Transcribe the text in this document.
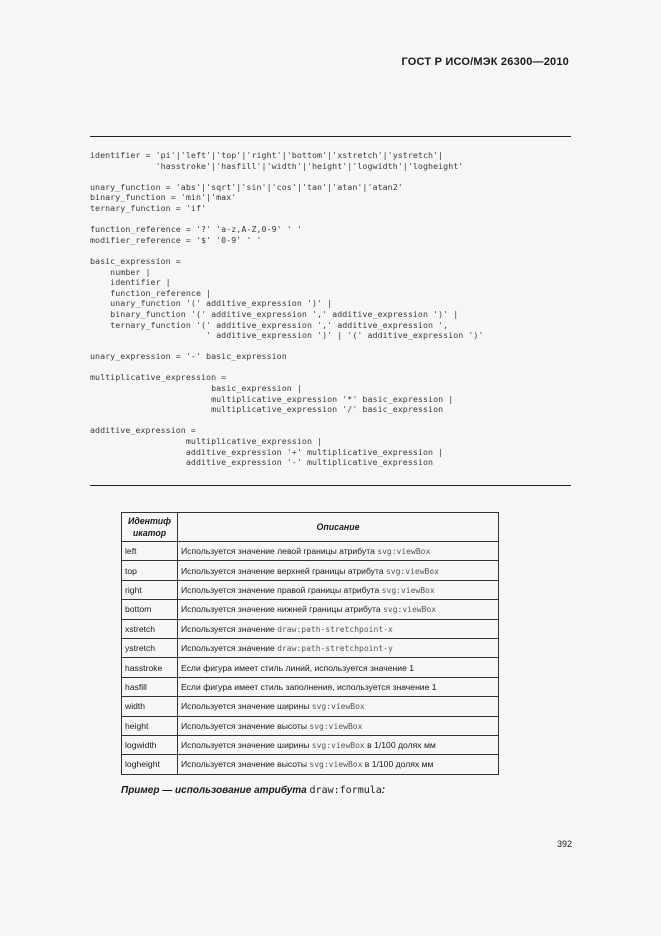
ГОСТ Р ИСО/МЭК 26300—2010
identifier = 'pi'|'left'|'top'|'right'|'bottom'|'xstretch'|'ystretch'|
'hasstroke'|'hasfill'|'width'|'height'|'logwidth'|'logheight'
unary_function = 'abs'|'sqrt'|'sin'|'cos'|'tan'|'atan'|'atan2'
binary_function = 'min'|'max'
ternary_function = 'if'
function_reference = '?' 'a-z,A-Z,0-9' ' '
modifier_reference = '$' '0-9' ' '
basic_expression =
number |
identifier |
function_reference |
unary_function '(' additive_expression ')' |
binary_function '(' additive_expression ',' additive_expression ')' |
ternary_function '(' additive_expression ',' additive_expression ',
' additive_expression ')' | '(' additive_expression ')'
unary_expression = '-' basic_expression
multiplicative_expression =
basic_expression |
multiplicative_expression '*' basic_expression |
multiplicative_expression '/' basic_expression
additive_expression =
multiplicative_expression |
additive_expression '+' multiplicative_expression |
additive_expression '-' multiplicative_expression
Идентиф икатор	Описание
left	Используется значение левой границы атрибута svg:viewBox
top	Используется значение верхней границы атрибута svg:viewBox
right	Используется значение правой границы атрибута svg:viewBox
bottom	Используется значение нижней границы атрибута svg:viewBox
xstretch	Используется значение draw:path-stretchpoint-x
ystretch	Используется значение draw:path-stretchpoint-y
hasstroke	Если фигура имеет стиль линий, используется значение 1
hasfill	Если фигура имеет стиль заполнения, используется значение 1
width	Используется значение ширины svg:viewBox
height	Используется значение высоты svg:viewBox
logwidth	Используется значение ширины svg:viewBox в 1/100 долях мм
logheight	Используется значение высоты svg:viewBox в 1/100 долях мм
Пример — использование атрибута draw:formula:
392
